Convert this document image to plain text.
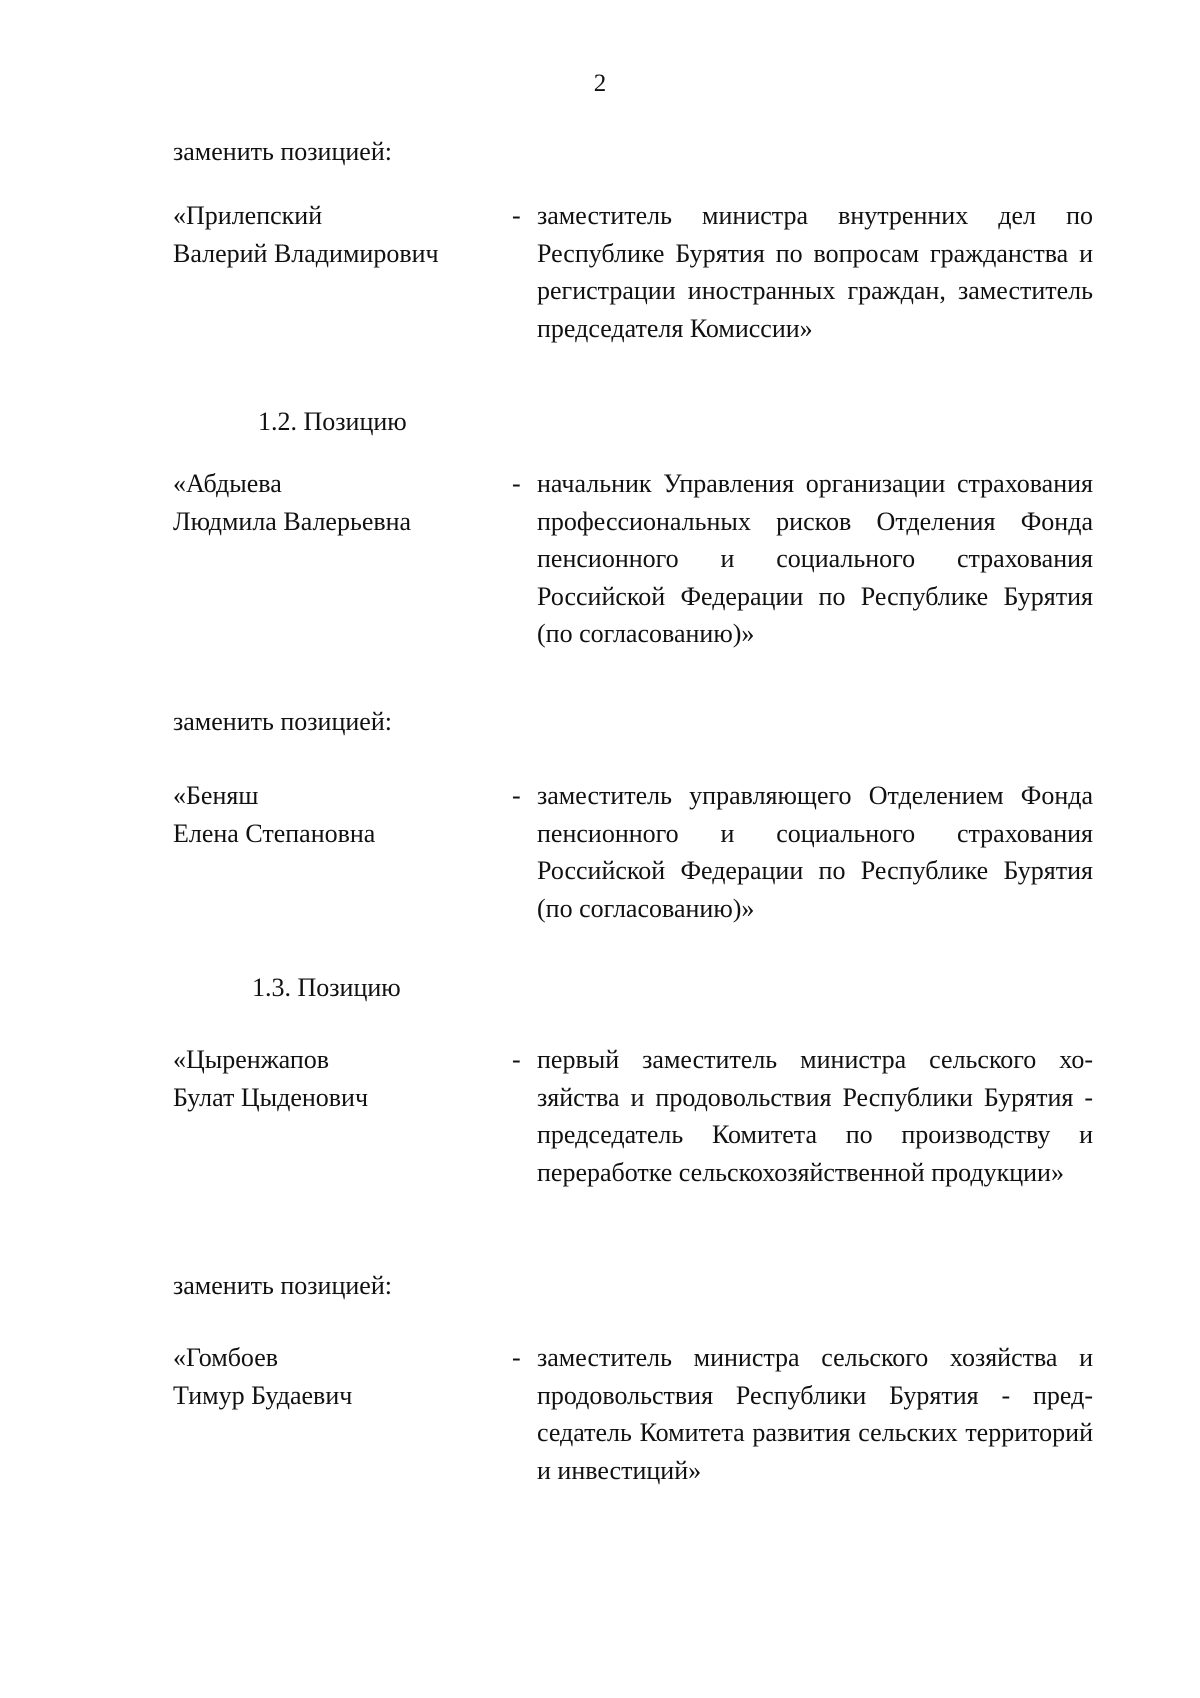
2
заменить позицией:
«Прилепский
Валерий Владимирович
- заместитель министра внутренних дел по Республике Бурятия по вопросам гражданства и регистрации иностранных граждан, заместитель председателя Комиссии»
1.2. Позицию
«Абдыева
Людмила Валерьевна
- начальник Управления организации страхования профессиональных рисков Отделения Фонда пенсионного и социального страхования Российской Федерации по Республике Бурятия (по согласованию)»
заменить позицией:
«Беняш
Елена Степановна
- заместитель управляющего Отделением Фонда пенсионного и социального страхования Российской Федерации по Республике Бурятия (по согласованию)»
1.3. Позицию
«Цыренжапов
Булат Цыденович
- первый заместитель министра сельского хозяйства и продовольствия Республики Бурятия - председатель Комитета по производству и переработке сельскохозяйственной продукции»
заменить позицией:
«Гомбоев
Тимур Будаевич
- заместитель министра сельского хозяйства и продовольствия Республики Бурятия - председатель Комитета развития сельских территорий и инвестиций»
